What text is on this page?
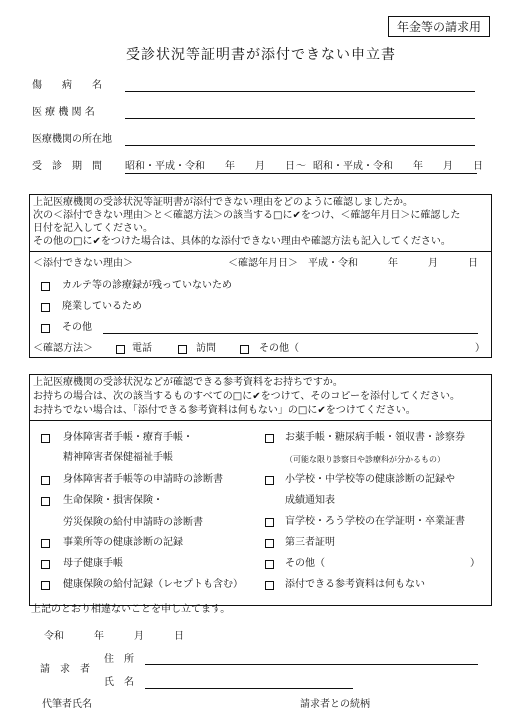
年金等の請求用
受診状況等証明書が添付できない申立書
傷　　病　　名
医 療 機 関 名
医療機関の所在地
受　診　期　間 昭和・平成・令和　　年　　月　　日 ～ 昭和・平成・令和　　年　　月　　日
上記医療機関の受診状況等証明書が添付できない理由をどのように確認しましたか。
次の＜添付できない理由＞と＜確認方法＞の該当する□に✔をつけ、＜確認年月日＞に確認した
日付を記入してください。
その他の□に✔をつけた場合は、具体的な添付できない理由や確認方法も記入してください。
＜添付できない理由＞	＜確認年月日＞　平成・令和　　　年　　　月　　　日
カルテ等の診療録が残っていないため
廃業しているため
その他
＜確認方法＞	電話	訪問	その他（	）
上記医療機関の受診状況などが確認できる参考資料をお持ちですか。
お持ちの場合は、次の該当するものすべての□に✔をつけて、そのコピーを添付してください。
お持ちでない場合は、「添付できる参考資料は何もない」の□に✔をつけてください。
身体障害者手帳・療育手帳・
精神障害者保健福祉手帳
身体障害者手帳等の申請時の診断書
生命保険・損害保険・
労災保険の給付申請時の診断書
事業所等の健康診断の記録
母子健康手帳
健康保険の給付記録（レセプトも含む）
お薬手帳・糖尿病手帳・領収書・診察券
（可能な限り診察日や診療科が分かるもの）
小学校・中学校等の健康診断の記録や
成績通知表
盲学校・ろう学校の在学証明・卒業証書
第三者証明
その他（	）
添付できる参考資料は何もない
上記のとおり相違ないことを申し立てます。
令和　　　年　　　月　　　日
請　求　者
住　所
氏　名
代筆者氏名	請求者との続柄
